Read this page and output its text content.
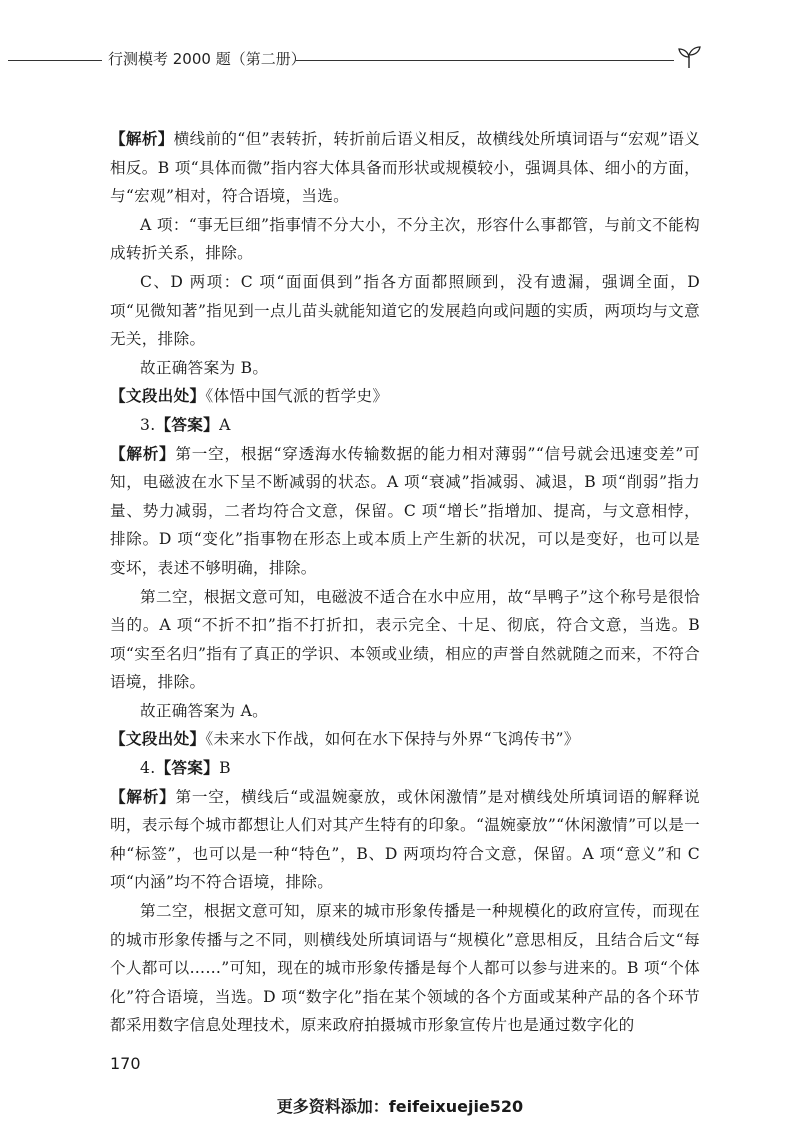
行测模考 2000 题（第二册）

【解析】横线前的“但”表转折，转折前后语义相反，故横线处所填词语与“宏观”语义相反。B 项“具体而微”指内容大体具备而形状或规模较小，强调具体、细小的方面，与“宏观”相对，符合语境，当选。

A 项：“事无巨细”指事情不分大小，不分主次，形容什么事都管，与前文不能构成转折关系，排除。

C、D 两项：C 项“面面俱到”指各方面都照顾到，没有遗漏，强调全面，D 项“见微知著”指见到一点儿苗头就能知道它的发展趋向或问题的实质，两项均与文意无关，排除。

故正确答案为 B。

【文段出处】《体悟中国气派的哲学史》

3.【答案】A

【解析】第一空，根据“穿透海水传输数据的能力相对薄弱”“信号就会迅速变差”可知，电磁波在水下呈不断减弱的状态。A 项“衰减”指减弱、减退，B 项“削弱”指力量、势力减弱，二者均符合文意，保留。C 项“增长”指增加、提高，与文意相悖，排除。D 项“变化”指事物在形态上或本质上产生新的状况，可以是变好，也可以是变坏，表述不够明确，排除。

第二空，根据文意可知，电磁波不适合在水中应用，故“旱鸭子”这个称号是很恰当的。A 项“不折不扣”指不打折扣，表示完全、十足、彻底，符合文意，当选。B 项“实至名归”指有了真正的学识、本领或业绩，相应的声誉自然就随之而来，不符合语境，排除。

故正确答案为 A。

【文段出处】《未来水下作战，如何在水下保持与外界“飞鸿传书”》

4.【答案】B

【解析】第一空，横线后“或温婉豪放，或休闲激情”是对横线处所填词语的解释说明，表示每个城市都想让人们对其产生特有的印象。“温婉豪放”“休闲激情”可以是一种“标签”，也可以是一种“特色”，B、D 两项均符合文意，保留。A 项“意义”和 C 项“内涵”均不符合语境，排除。

第二空，根据文意可知，原来的城市形象传播是一种规模化的政府宣传，而现在的城市形象传播与之不同，则横线处所填词语与“规模化”意思相反，且结合后文“每个人都可以……”可知，现在的城市形象传播是每个人都可以参与进来的。B 项“个体化”符合语境，当选。D 项“数字化”指在某个领域的各个方面或某种产品的各个环节都采用数字信息处理技术，原来政府拍摄城市形象宣传片也是通过数字化的

170
更多资料添加：feifeixuejie520
